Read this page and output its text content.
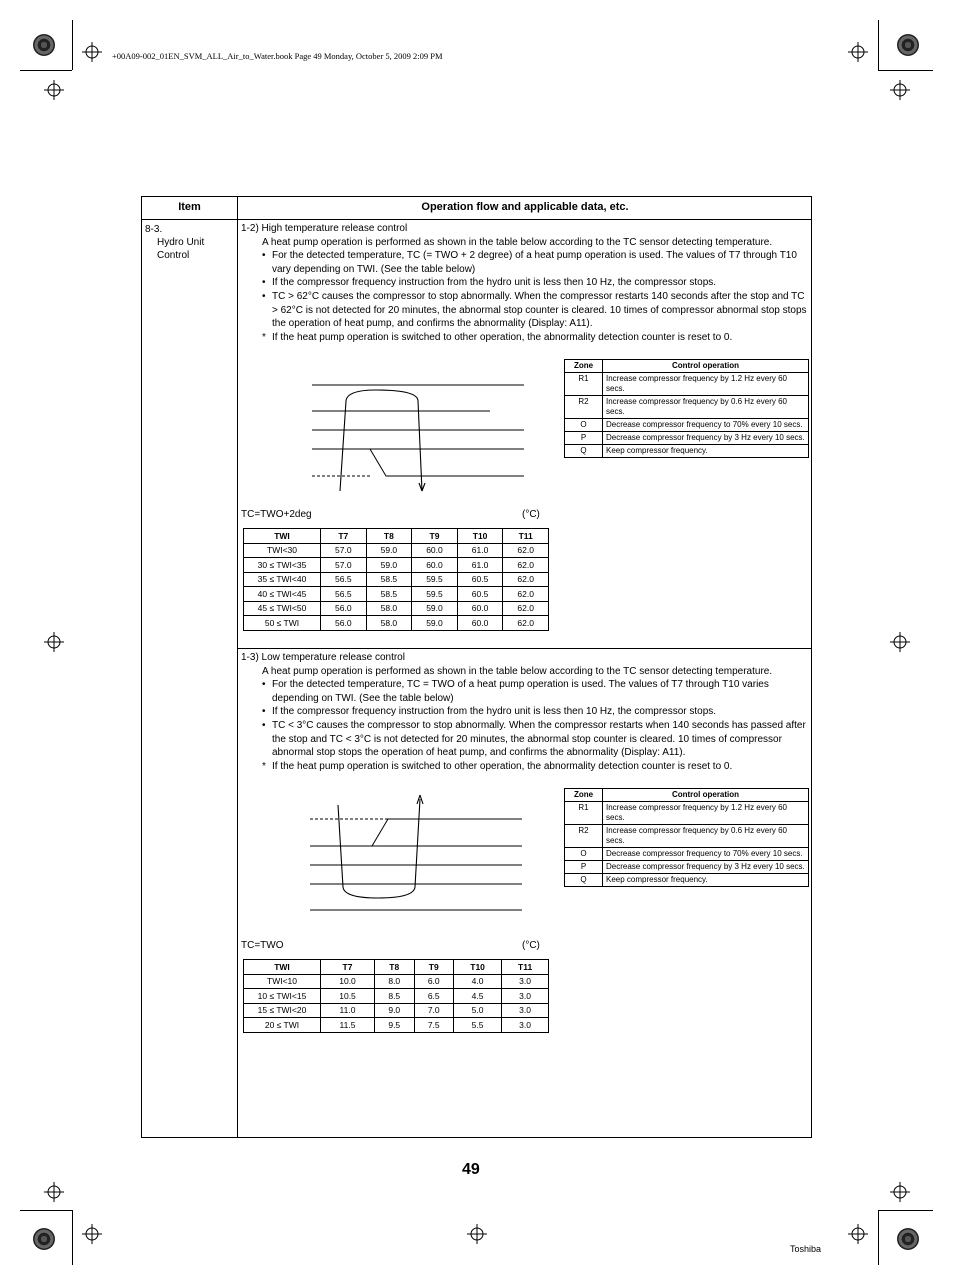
+00A09-002_01EN_SVM_ALL_Air_to_Water.book Page 49 Monday, October 5, 2009 2:09 PM
Item	Operation flow and applicable data, etc.
8-3.
Hydro Unit
Control
1-2) High temperature release control
A heat pump operation is performed as shown in the table below according to the TC sensor detecting temperature.
• For the detected temperature, TC (= TWO + 2 degree) of a heat pump operation is used. The values of T7 through T10 vary depending on TWI. (See the table below)
• If the compressor frequency instruction from the hydro unit is less then 10 Hz, the compressor stops.
• TC > 62°C causes the compressor to stop abnormally. When the compressor restarts 140 seconds after the stop and TC > 62°C is not detected for 20 minutes, the abnormal stop counter is cleared. 10 times of compressor abnormal stop stops the operation of heat pump, and confirms the abnormality (Display: A11).
* If the heat pump operation is switched to other operation, the abnormality detection counter is reset to 0.
Zone	Control operation
R1	Increase compressor frequency by 1.2 Hz every 60 secs.
R2	Increase compressor frequency by 0.6 Hz every 60 secs.
O	Decrease compressor frequency to 70% every 10 secs.
P	Decrease compressor frequency by 3 Hz every 10 secs.
Q	Keep compressor frequency.
TC=TWO+2deg	(°C)
TWI	T7	T8	T9	T10	T11
TWI<30	57.0	59.0	60.0	61.0	62.0
30 ≤ TWI<35	57.0	59.0	60.0	61.0	62.0
35 ≤ TWI<40	56.5	58.5	59.5	60.5	62.0
40 ≤ TWI<45	56.5	58.5	59.5	60.5	62.0
45 ≤ TWI<50	56.0	58.0	59.0	60.0	62.0
50 ≤ TWI	56.0	58.0	59.0	60.0	62.0
1-3) Low temperature release control
A heat pump operation is performed as shown in the table below according to the TC sensor detecting temperature.
• For the detected temperature, TC = TWO of a heat pump operation is used. The values of T7 through T10 varies depending on TWI. (See the table below)
• If the compressor frequency instruction from the hydro unit is less then 10 Hz, the compressor stops.
• TC < 3°C causes the compressor to stop abnormally. When the compressor restarts when 140 seconds has passed after the stop and TC < 3°C is not detected for 20 minutes, the abnormal stop counter is cleared. 10 times of compressor abnormal stop stops the operation of heat pump, and confirms the abnormality (Display: A11).
* If the heat pump operation is switched to other operation, the abnormality detection counter is reset to 0.
Zone	Control operation
R1	Increase compressor frequency by 1.2 Hz every 60 secs.
R2	Increase compressor frequency by 0.6 Hz every 60 secs.
O	Decrease compressor frequency to 70% every 10 secs.
P	Decrease compressor frequency by 3 Hz every 10 secs.
Q	Keep compressor frequency.
TC=TWO	(°C)
TWI	T7	T8	T9	T10	T11
TWI<10	10.0	8.0	6.0	4.0	3.0
10 ≤ TWI<15	10.5	8.5	6.5	4.5	3.0
15 ≤ TWI<20	11.0	9.0	7.0	5.0	3.0
20 ≤ TWI	11.5	9.5	7.5	5.5	3.0
49
Toshiba
